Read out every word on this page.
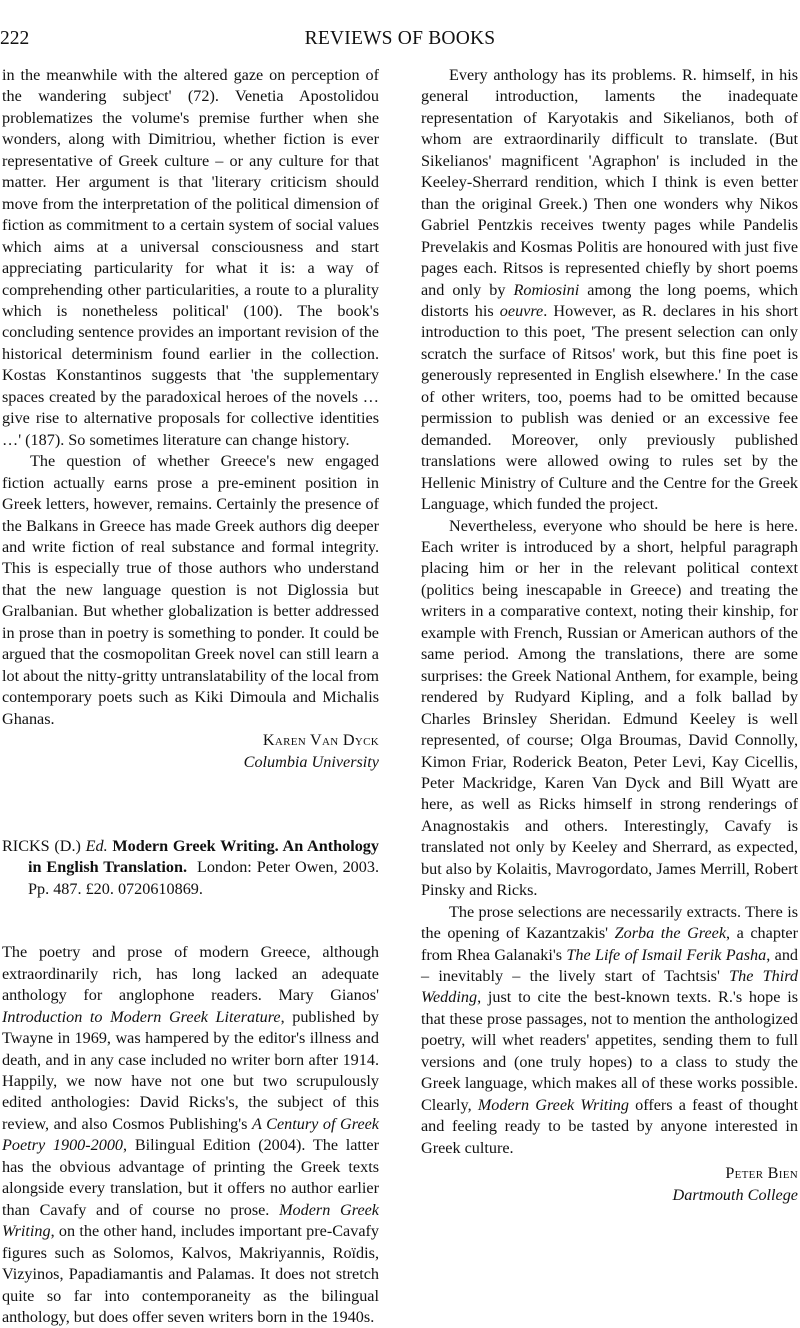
222	REVIEWS OF BOOKS

in the meanwhile with the altered gaze on perception of the wandering subject' (72). Venetia Apostolidou problematizes the volume's premise further when she wonders, along with Dimitriou, whether fiction is ever representative of Greek culture – or any culture for that matter. Her argument is that 'literary criticism should move from the interpretation of the political dimension of fiction as commitment to a certain system of social values which aims at a universal consciousness and start appreciating particularity for what it is: a way of comprehending other particularities, a route to a plurality which is nonetheless political' (100). The book's concluding sentence provides an important revision of the historical determinism found earlier in the collection. Kostas Konstantinos suggests that 'the supplementary spaces created by the paradoxical heroes of the novels … give rise to alternative proposals for collective identities …' (187). So sometimes literature can change history.

The question of whether Greece's new engaged fiction actually earns prose a pre-eminent position in Greek letters, however, remains. Certainly the presence of the Balkans in Greece has made Greek authors dig deeper and write fiction of real substance and formal integrity. This is especially true of those authors who understand that the new language question is not Diglossia but Gralbanian. But whether globalization is better addressed in prose than in poetry is something to ponder. It could be argued that the cosmopolitan Greek novel can still learn a lot about the nitty-gritty untranslatability of the local from contemporary poets such as Kiki Dimoula and Michalis Ghanas.

Karen Van Dyck

Columbia University

RICKS (D.) Ed. Modern Greek Writing. An Anthology in English Translation. London: Peter Owen, 2003. Pp. 487. £20. 0720610869.

The poetry and prose of modern Greece, although extraordinarily rich, has long lacked an adequate anthology for anglophone readers. Mary Gianos' Introduction to Modern Greek Literature, published by Twayne in 1969, was hampered by the editor's illness and death, and in any case included no writer born after 1914. Happily, we now have not one but two scrupulously edited anthologies: David Ricks's, the subject of this review, and also Cosmos Publishing's A Century of Greek Poetry 1900-2000, Bilingual Edition (2004). The latter has the obvious advantage of printing the Greek texts alongside every translation, but it offers no author earlier than Cavafy and of course no prose. Modern Greek Writing, on the other hand, includes important pre-Cavafy figures such as Solomos, Kalvos, Makriyannis, Roïdis, Vizyinos, Papadiamantis and Palamas. It does not stretch quite so far into contemporaneity as the bilingual anthology, but does offer seven writers born in the 1940s.

Every anthology has its problems. R. himself, in his general introduction, laments the inadequate representation of Karyotakis and Sikelianos, both of whom are extraordinarily difficult to translate. (But Sikelianos' magnificent 'Agraphon' is included in the Keeley-Sherrard rendition, which I think is even better than the original Greek.) Then one wonders why Nikos Gabriel Pentzkis receives twenty pages while Pandelis Prevelakis and Kosmas Politis are honoured with just five pages each. Ritsos is represented chiefly by short poems and only by Romiosini among the long poems, which distorts his oeuvre. However, as R. declares in his short introduction to this poet, 'The present selection can only scratch the surface of Ritsos' work, but this fine poet is generously represented in English elsewhere.' In the case of other writers, too, poems had to be omitted because permission to publish was denied or an excessive fee demanded. Moreover, only previously published translations were allowed owing to rules set by the Hellenic Ministry of Culture and the Centre for the Greek Language, which funded the project.

Nevertheless, everyone who should be here is here. Each writer is introduced by a short, helpful paragraph placing him or her in the relevant political context (politics being inescapable in Greece) and treating the writers in a comparative context, noting their kinship, for example with French, Russian or American authors of the same period. Among the translations, there are some surprises: the Greek National Anthem, for example, being rendered by Rudyard Kipling, and a folk ballad by Charles Brinsley Sheridan. Edmund Keeley is well represented, of course; Olga Broumas, David Connolly, Kimon Friar, Roderick Beaton, Peter Levi, Kay Cicellis, Peter Mackridge, Karen Van Dyck and Bill Wyatt are here, as well as Ricks himself in strong renderings of Anagnostakis and others. Interestingly, Cavafy is translated not only by Keeley and Sherrard, as expected, but also by Kolaitis, Mavrogordato, James Merrill, Robert Pinsky and Ricks.

The prose selections are necessarily extracts. There is the opening of Kazantzakis' Zorba the Greek, a chapter from Rhea Galanaki's The Life of Ismail Ferik Pasha, and – inevitably – the lively start of Tachtsis' The Third Wedding, just to cite the best-known texts. R.'s hope is that these prose passages, not to mention the anthologized poetry, will whet readers' appetites, sending them to full versions and (one truly hopes) to a class to study the Greek language, which makes all of these works possible. Clearly, Modern Greek Writing offers a feast of thought and feeling ready to be tasted by anyone interested in Greek culture.

Peter Bien

Dartmouth College
